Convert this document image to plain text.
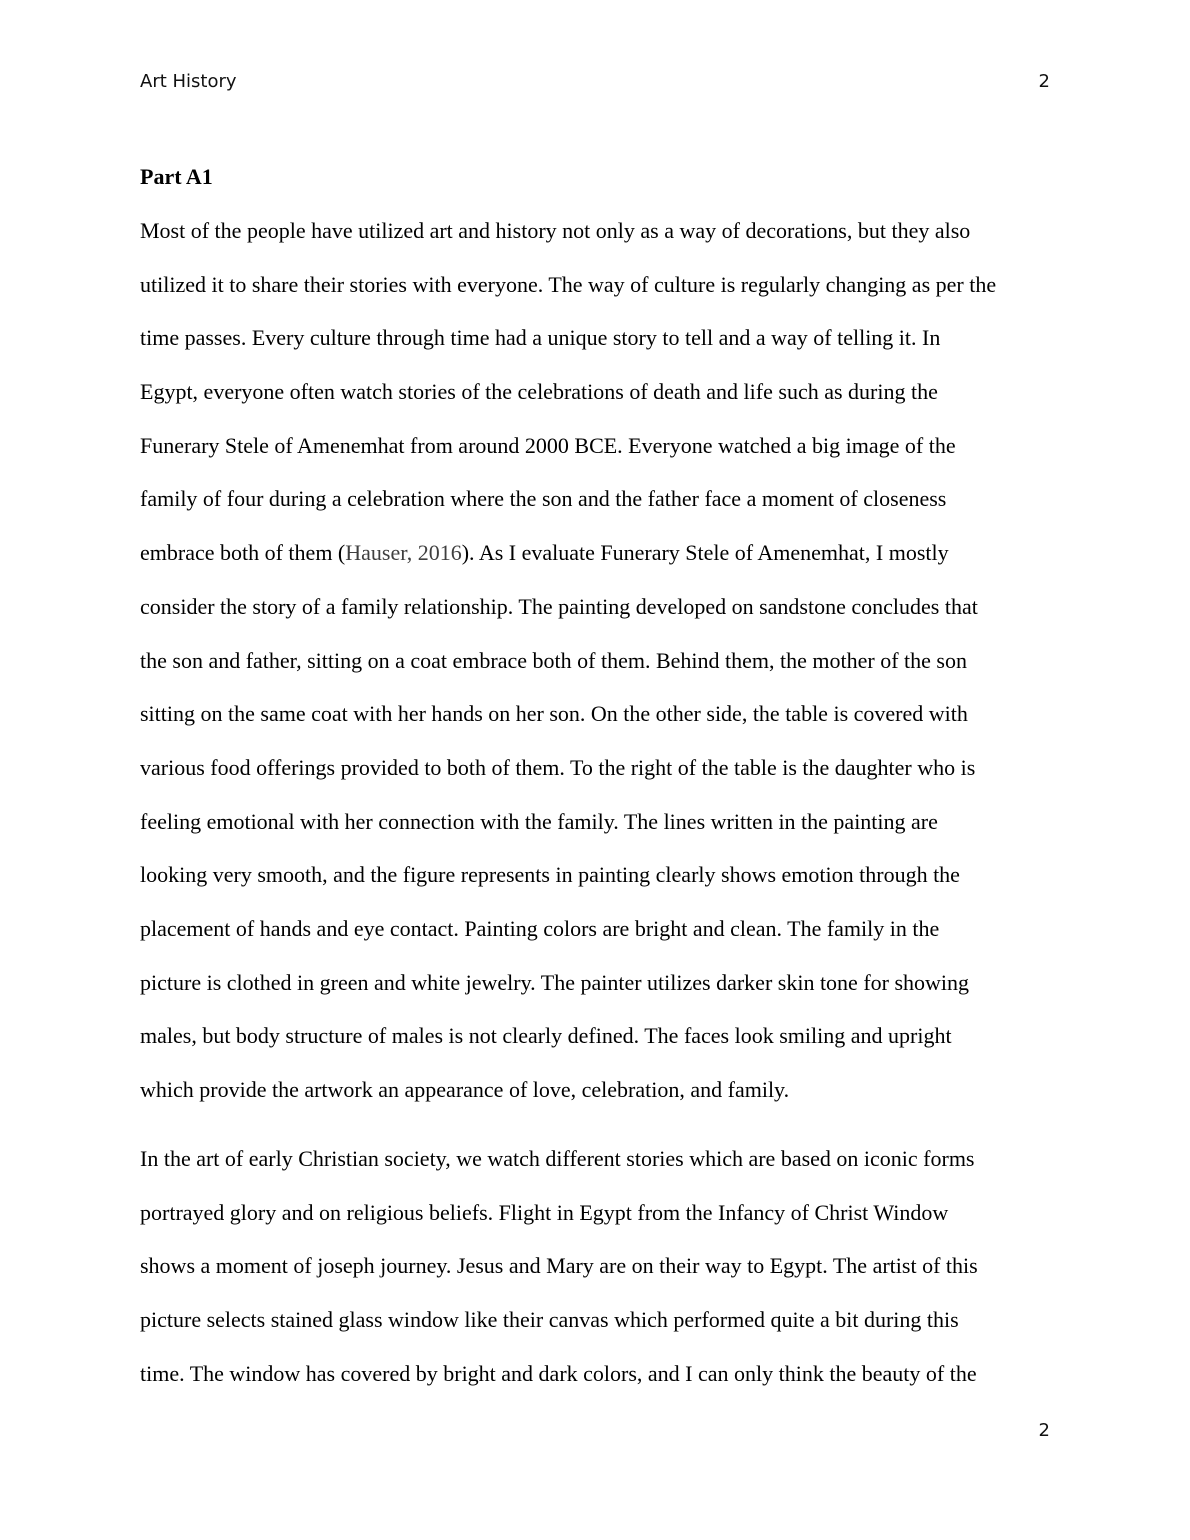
Art History	2
Part A1
Most of the people have utilized art and history not only as a way of decorations, but they also
utilized it to share their stories with everyone. The way of culture is regularly changing as per the
time passes. Every culture through time had a unique story to tell and a way of telling it. In
Egypt, everyone often watch stories of the celebrations of death and life such as during the
Funerary Stele of Amenemhat from around 2000 BCE. Everyone watched a big image of the
family of four during a celebration where the son and the father face a moment of closeness
embrace both of them (Hauser, 2016). As I evaluate Funerary Stele of Amenemhat, I mostly
consider the story of a family relationship. The painting developed on sandstone concludes that
the son and father, sitting on a coat embrace both of them. Behind them, the mother of the son
sitting on the same coat with her hands on her son. On the other side, the table is covered with
various food offerings provided to both of them. To the right of the table is the daughter who is
feeling emotional with her connection with the family. The lines written in the painting are
looking very smooth, and the figure represents in painting clearly shows emotion through the
placement of hands and eye contact. Painting colors are bright and clean. The family in the
picture is clothed in green and white jewelry. The painter utilizes darker skin tone for showing
males, but body structure of males is not clearly defined. The faces look smiling and upright
which provide the artwork an appearance of love, celebration, and family.
In the art of early Christian society, we watch different stories which are based on iconic forms
portrayed glory and on religious beliefs. Flight in Egypt from the Infancy of Christ Window
shows a moment of joseph journey. Jesus and Mary are on their way to Egypt. The artist of this
picture selects stained glass window like their canvas which performed quite a bit during this
time. The window has covered by bright and dark colors, and I can only think the beauty of the
2
